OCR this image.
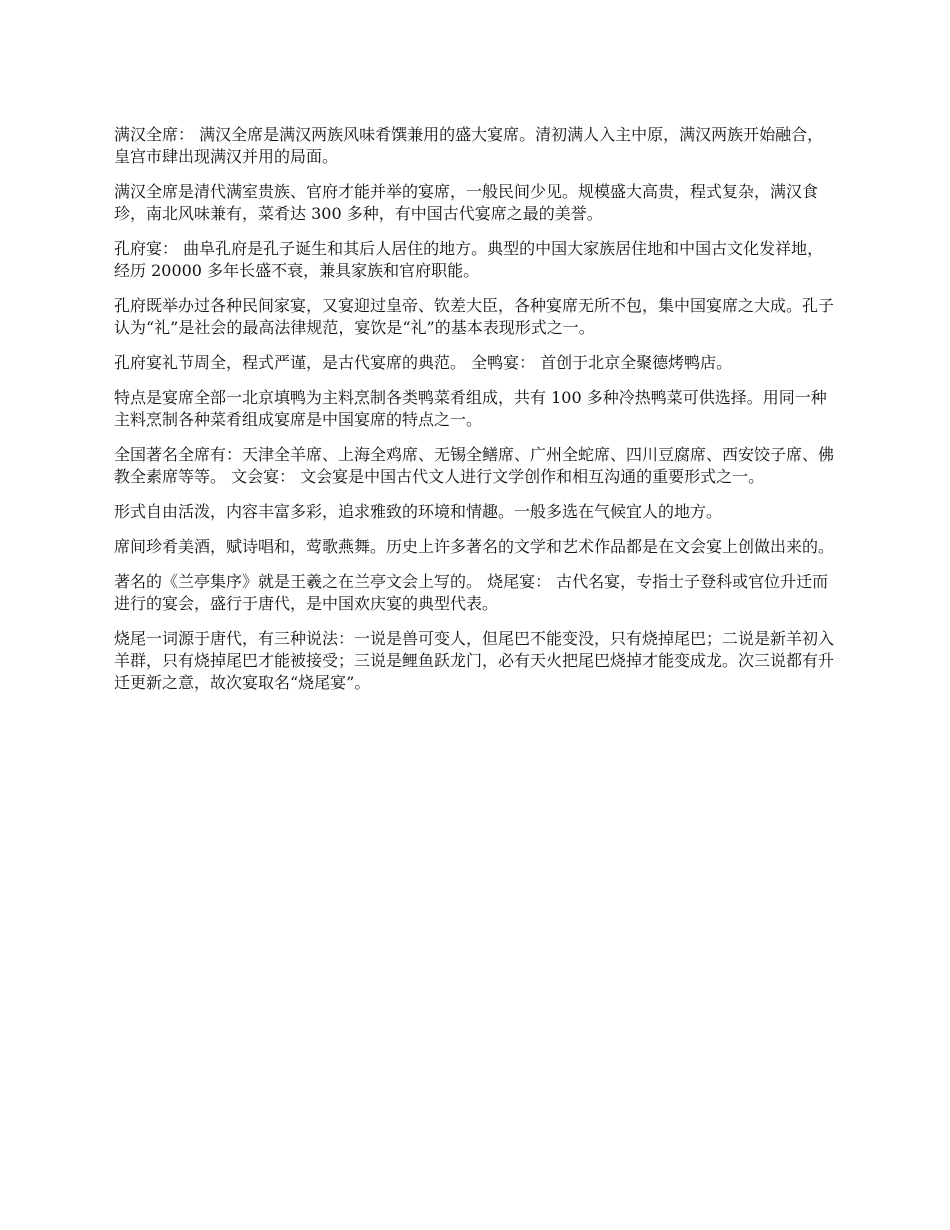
满汉全席： 满汉全席是满汉两族风味肴馔兼用的盛大宴席。清初满人入主中原，满汉两族开始融合，皇宫市肆出现满汉并用的局面。

满汉全席是清代满室贵族、官府才能并举的宴席，一般民间少见。规模盛大高贵，程式复杂，满汉食珍，南北风味兼有，菜肴达 300 多种，有中国古代宴席之最的美誉。

孔府宴： 曲阜孔府是孔子诞生和其后人居住的地方。典型的中国大家族居住地和中国古文化发祥地，经历 20000 多年长盛不衰，兼具家族和官府职能。

孔府既举办过各种民间家宴，又宴迎过皇帝、钦差大臣，各种宴席无所不包，集中国宴席之大成。孔子认为“礼”是社会的最高法律规范，宴饮是“礼”的基本表现形式之一。

孔府宴礼节周全，程式严谨，是古代宴席的典范。 全鸭宴： 首创于北京全聚德烤鸭店。

特点是宴席全部一北京填鸭为主料烹制各类鸭菜肴组成，共有 100 多种冷热鸭菜可供选择。用同一种主料烹制各种菜肴组成宴席是中国宴席的特点之一。

全国著名全席有：天津全羊席、上海全鸡席、无锡全鳝席、广州全蛇席、四川豆腐席、西安饺子席、佛教全素席等等。 文会宴： 文会宴是中国古代文人进行文学创作和相互沟通的重要形式之一。

形式自由活泼，内容丰富多彩，追求雅致的环境和情趣。一般多选在气候宜人的地方。

席间珍肴美酒，赋诗唱和，莺歌燕舞。历史上许多著名的文学和艺术作品都是在文会宴上创做出来的。

著名的《兰亭集序》就是王羲之在兰亭文会上写的。 烧尾宴： 古代名宴，专指士子登科或官位升迁而进行的宴会，盛行于唐代，是中国欢庆宴的典型代表。

烧尾一词源于唐代，有三种说法：一说是兽可变人，但尾巴不能变没，只有烧掉尾巴；二说是新羊初入羊群，只有烧掉尾巴才能被接受；三说是鲤鱼跃龙门，必有天火把尾巴烧掉才能变成龙。次三说都有升迁更新之意，故次宴取名“烧尾宴”。
